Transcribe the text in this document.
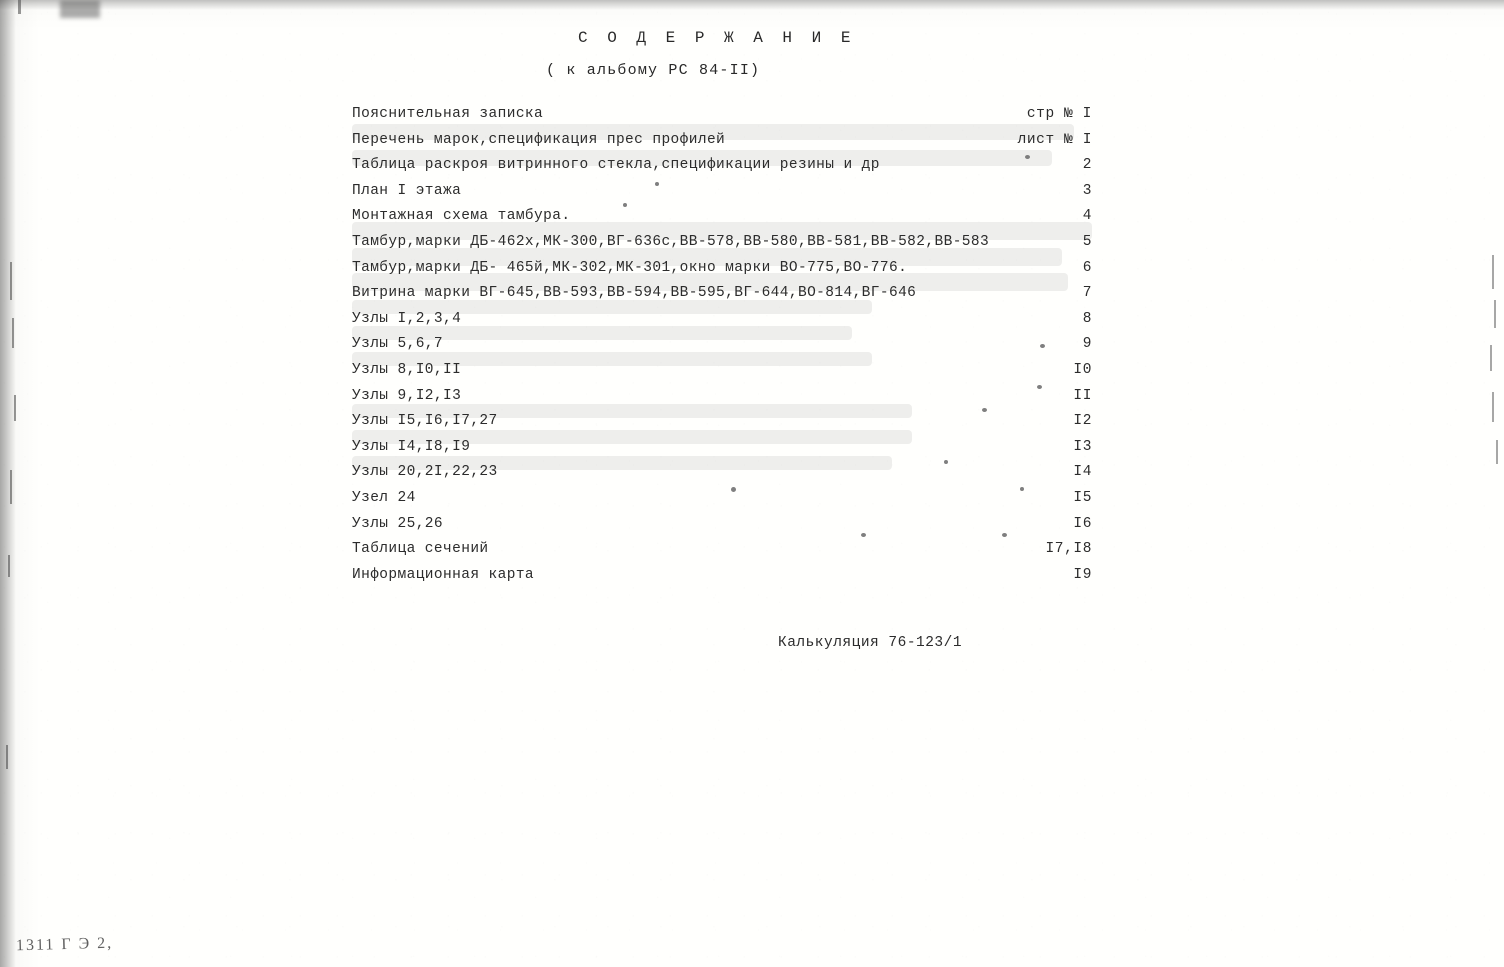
С О Д Е Р Ж А Н И Е
( к альбому РС 84-II)
Пояснительная записка	стр № I
Перечень марок,спецификация прес профилей	лист № I
Таблица раскроя витринного стекла,спецификации резины и др	2
План I этажа	3
Монтажная схема тамбура.	4
Тамбур,марки ДБ-462х,МК-300,ВГ-636с,ВВ-578,ВВ-580,ВВ-581,ВВ-582,ВВ-583	5
Тамбур,марки ДБ- 465й,МК-302,МК-301,окно марки ВО-775,ВО-776.	6
Витрина марки ВГ-645,ВВ-593,ВВ-594,ВВ-595,ВГ-644,ВО-814,ВГ-646	7
Узлы I,2,3,4	8
Узлы 5,6,7	9
Узлы 8,I0,II	I0
Узлы 9,I2,I3	II
Узлы I5,I6,I7,27	I2
Узлы I4,I8,I9	I3
Узлы 20,2I,22,23	I4
Узел 24	I5
Узлы 25,26	I6
Таблица сечений	I7,I8
Информационная карта	I9
Калькуляция 76-123/1
1311 Г Э 2,
